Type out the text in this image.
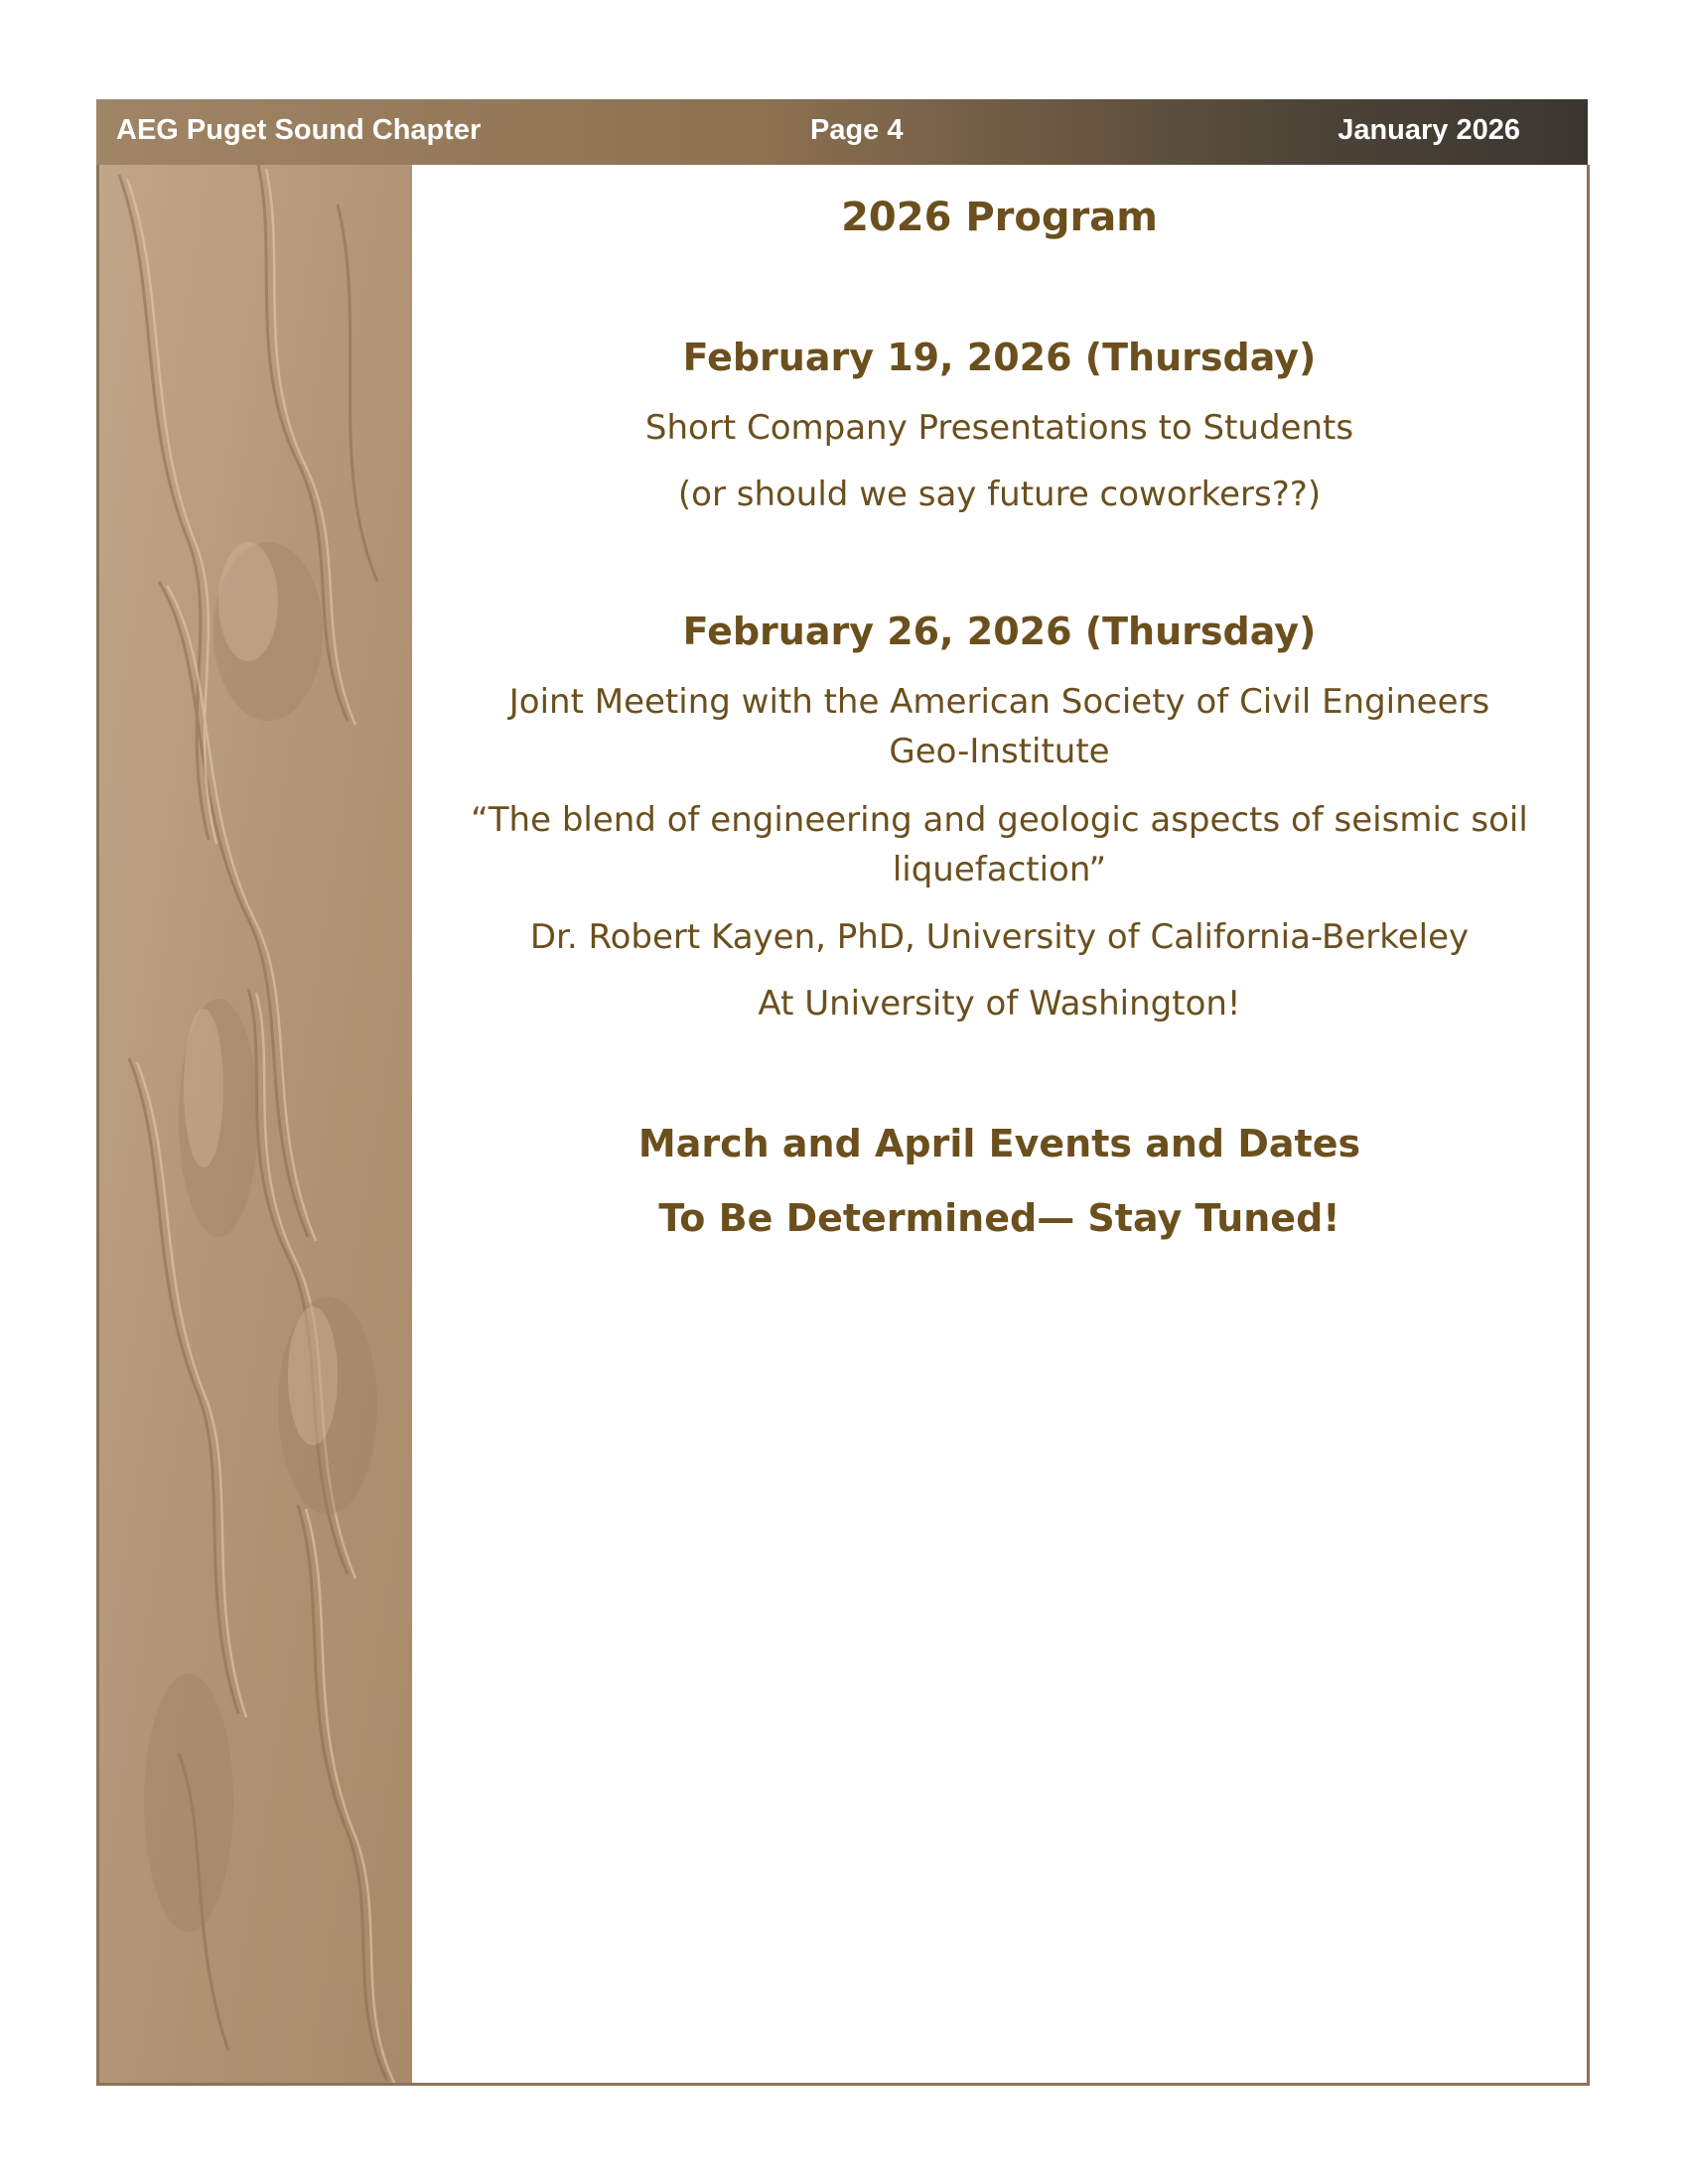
AEG Puget Sound Chapter	Page 4	January 2026

2026 Program

February 19, 2026 (Thursday)

Short Company Presentations to Students

(or should we say future coworkers??)

February 26, 2026 (Thursday)

Joint Meeting with the American Society of Civil Engineers

Geo-Institute

“The blend of engineering and geologic aspects of seismic soil

liquefaction”

Dr. Robert Kayen, PhD, University of California-Berkeley

At University of Washington!

March and April Events and Dates

To Be Determined— Stay Tuned!
